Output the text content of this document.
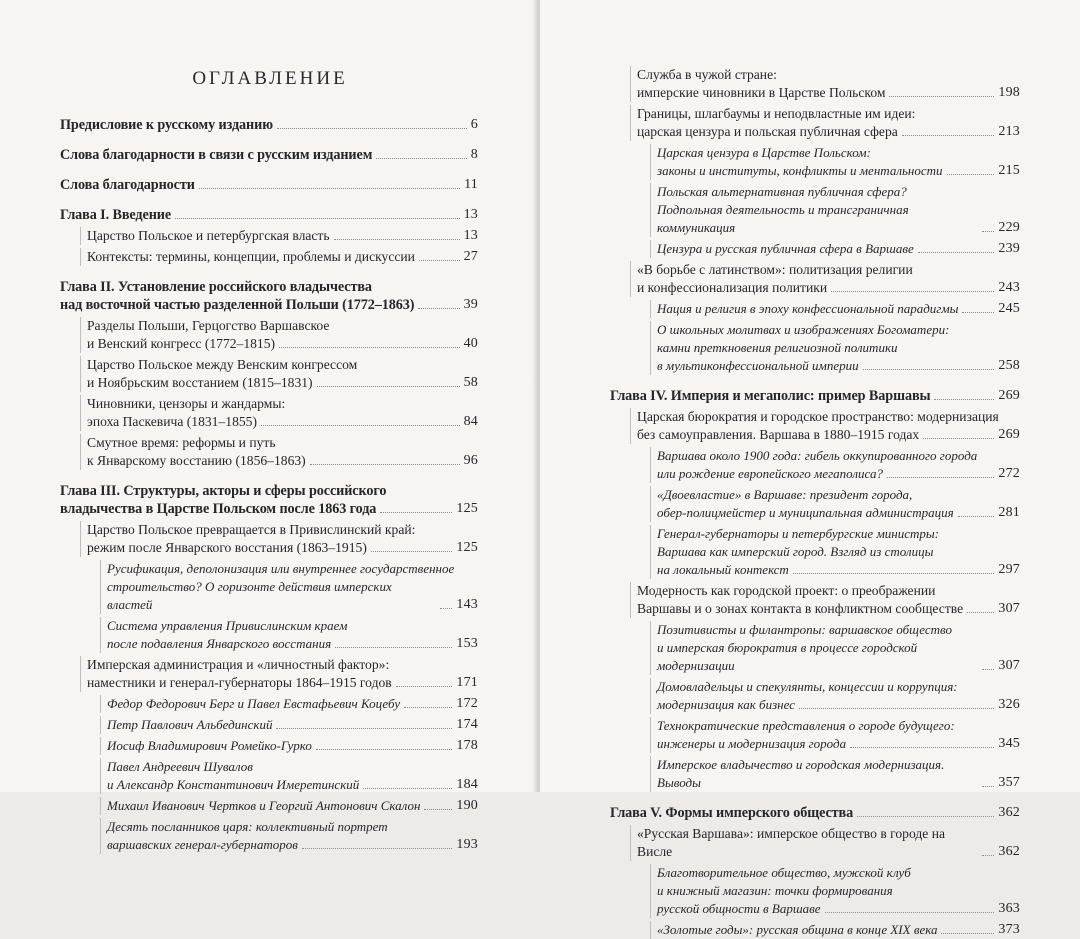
ОГЛАВЛЕНИЕ
Предисловие к русскому изданию	6
Слова благодарности в связи с русским изданием	8
Слова благодарности	11
Глава I. Введение	13
Царство Польское и петербургская власть	13
Контексты: термины, концепции, проблемы и дискуссии	27
Глава II. Установление российского владычества
над восточной частью разделенной Польши (1772–1863)	39
Разделы Польши, Герцогство Варшавское
и Венский конгресс (1772–1815)	40
Царство Польское между Венским конгрессом
и Ноябрьским восстанием (1815–1831)	58
Чиновники, цензоры и жандармы:
эпоха Паскевича (1831–1855)	84
Смутное время: реформы и путь
к Январскому восстанию (1856–1863)	96
Глава III. Структуры, акторы и сферы российского
владычества в Царстве Польском после 1863 года	125
Царство Польское превращается в Привислинский край:
режим после Январского восстания (1863–1915)	125
Русификация, деполонизация или внутреннее государственное
строительство? О горизонте действия имперских властей	143
Система управления Привислинским краем
после подавления Январского восстания	153
Имперская администрация и «личностный фактор»:
наместники и генерал-губернаторы 1864–1915 годов	171
Федор Федорович Берг и Павел Евстафьевич Коцебу	172
Петр Павлович Альбединский	174
Иосиф Владимирович Ромейко-Гурко	178
Павел Андреевич Шувалов
и Александр Константинович Имеретинский	184
Михаил Иванович Чертков и Георгий Антонович Скалон	190
Десять посланников царя: коллективный портрет
варшавских генерал-губернаторов	193
Служба в чужой стране:
имперские чиновники в Царстве Польском	198
Границы, шлагбаумы и неподвластные им идеи:
царская цензура и польская публичная сфера	213
Царская цензура в Царстве Польском:
законы и институты, конфликты и ментальности	215
Польская альтернативная публичная сфера?
Подпольная деятельность и трансграничная коммуникация	229
Цензура и русская публичная сфера в Варшаве	239
«В борьбе с латинством»: политизация религии
и конфессионализация политики	243
Нация и религия в эпоху конфессиональной парадигмы	245
О школьных молитвах и изображениях Богоматери:
камни преткновения религиозной политики
в мультиконфессиональной империи	258
Глава IV. Империя и мегаполис: пример Варшавы	269
Царская бюрократия и городское пространство: модернизация
без самоуправления. Варшава в 1880–1915 годах	269
Варшава около 1900 года: гибель оккупированного города
или рождение европейского мегаполиса?	272
«Двоевластие» в Варшаве: президент города,
обер-полицмейстер и муниципальная администрация	281
Генерал-губернаторы и петербургские министры:
Варшава как имперский город. Взгляд из столицы
на локальный контекст	297
Модерность как городской проект: о преображении
Варшавы и о зонах контакта в конфликтном сообществе	307
Позитивисты и филантропы: варшавское общество
и имперская бюрократия в процессе городской модернизации	307
Домовладельцы и спекулянты, концессии и коррупция:
модернизация как бизнес	326
Технократические представления о городе будущего:
инженеры и модернизация города	345
Имперское владычество и городская модернизация. Выводы	357
Глава V. Формы имперского общества	362
«Русская Варшава»: имперское общество в городе на Висле	362
Благотворительное общество, мужской клуб
и книжный магазин: точки формирования
русской общности в Варшаве	363
«Золотые годы»: русская община в конце XIX века	373
